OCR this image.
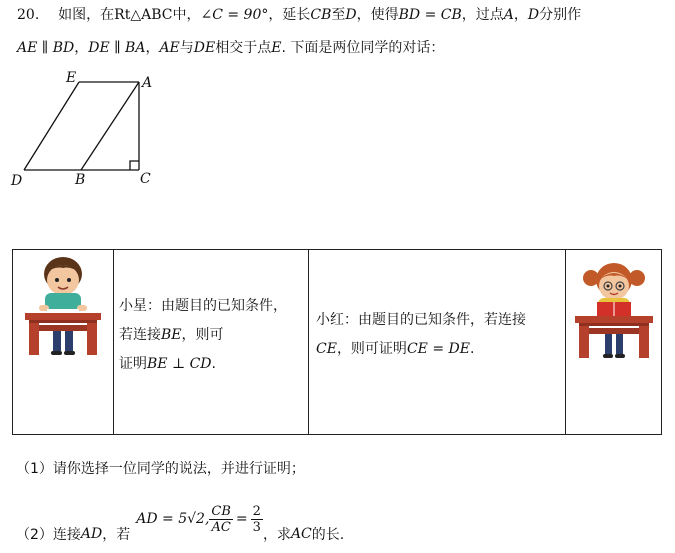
20. 如图，在Rt△ABC中，∠C = 90°，延长CB至D，使得BD = CB，过点A，D分别作
AE ∥ BD，DE ∥ BA，AE与DE相交于点E. 下面是两位同学的对话：
E	A
D	B	C
小星：由题目的已知条件，
若连接BE，则可
证明BE ⊥ CD.
小红：由题目的已知条件，若连接
CE，则可证明CE = DE.
（1）请你选择一位同学的说法，并进行证明；
（2）连接 AD ，若
AD = 5√2, $\frac{CB}{AC} = \frac{2}{3}$
，求 AC 的长.
